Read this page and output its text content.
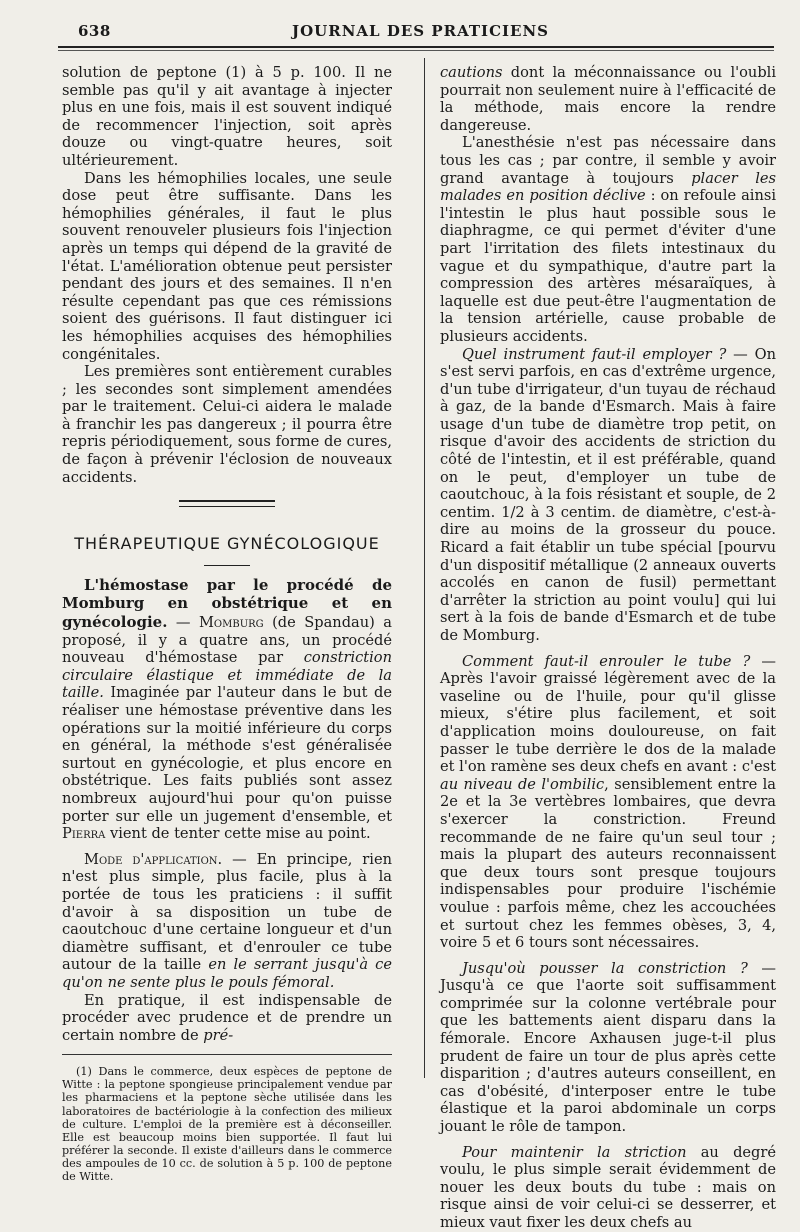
638	JOURNAL DES PRATICIENS

solution de peptone (1) à 5 p. 100. Il ne semble pas qu'il y ait avantage à injecter plus en une fois, mais il est souvent indiqué de recommencer l'injection, soit après douze ou vingt-quatre heures, soit ultérieurement.

Dans les hémophilies locales, une seule dose peut être suffisante. Dans les hémophilies générales, il faut le plus souvent renouveler plusieurs fois l'injection après un temps qui dépend de la gravité de l'état. L'amélioration obtenue peut persister pendant des jours et des semaines. Il n'en résulte cependant pas que ces rémissions soient des guérisons. Il faut distinguer ici les hémophilies acquises des hémophilies congénitales.

Les premières sont entièrement curables ; les secondes sont simplement amendées par le traitement. Celui-ci aidera le malade à franchir les pas dangereux ; il pourra être repris périodiquement, sous forme de cures, de façon à prévenir l'éclosion de nouveaux accidents.

THÉRAPEUTIQUE GYNÉCOLOGIQUE

L'hémostase par le procédé de Momburg en obstétrique et en gynécologie. — Momburg (de Spandau) a proposé, il y a quatre ans, un procédé nouveau d'hémostase par constriction circulaire élastique et immédiate de la taille. Imaginée par l'auteur dans le but de réaliser une hémostase préventive dans les opérations sur la moitié inférieure du corps en général, la méthode s'est généralisée surtout en gynécologie, et plus encore en obstétrique. Les faits publiés sont assez nombreux aujourd'hui pour qu'on puisse porter sur elle un jugement d'ensemble, et Pierra vient de tenter cette mise au point.

Mode d'application. — En principe, rien n'est plus simple, plus facile, plus à la portée de tous les praticiens : il suffit d'avoir à sa disposition un tube de caoutchouc d'une certaine longueur et d'un diamètre suffisant, et d'enrouler ce tube autour de la taille en le serrant jusqu'à ce qu'on ne sente plus le pouls fémoral.

En pratique, il est indispensable de procéder avec prudence et de prendre un certain nombre de pré-

(1) Dans le commerce, deux espèces de peptone de Witte : la peptone spongieuse principalement vendue par les pharmaciens et la peptone sèche utilisée dans les laboratoires de bactériologie à la confection des milieux de culture. L'emploi de la première est à déconseiller. Elle est beaucoup moins bien supportée. Il faut lui préférer la seconde. Il existe d'ailleurs dans le commerce des ampoules de 10 cc. de solution à 5 p. 100 de peptone de Witte.

cautions dont la méconnaissance ou l'oubli pourrait non seulement nuire à l'efficacité de la méthode, mais encore la rendre dangereuse.

L'anesthésie n'est pas nécessaire dans tous les cas ; par contre, il semble y avoir grand avantage à toujours placer les malades en position déclive : on refoule ainsi l'intestin le plus haut possible sous le diaphragme, ce qui permet d'éviter d'une part l'irritation des filets intestinaux du vague et du sympathique, d'autre part la compression des artères mésaraïques, à laquelle est due peut-être l'augmentation de la tension artérielle, cause probable de plusieurs accidents.

Quel instrument faut-il employer ? — On s'est servi parfois, en cas d'extrême urgence, d'un tube d'irrigateur, d'un tuyau de réchaud à gaz, de la bande d'Esmarch. Mais à faire usage d'un tube de diamètre trop petit, on risque d'avoir des accidents de striction du côté de l'intestin, et il est préférable, quand on le peut, d'employer un tube de caoutchouc, à la fois résistant et souple, de 2 centim. 1/2 à 3 centim. de diamètre, c'est-à-dire au moins de la grosseur du pouce. Ricard a fait établir un tube spécial [pourvu d'un dispositif métallique (2 anneaux ouverts accolés en canon de fusil) permettant d'arrêter la striction au point voulu] qui lui sert à la fois de bande d'Esmarch et de tube de Momburg.

Comment faut-il enrouler le tube ? — Après l'avoir graissé légèrement avec de la vaseline ou de l'huile, pour qu'il glisse mieux, s'étire plus facilement, et soit d'application moins douloureuse, on fait passer le tube derrière le dos de la malade et l'on ramène ses deux chefs en avant : c'est au niveau de l'ombilic, sensiblement entre la 2e et la 3e vertèbres lombaires, que devra s'exercer la constriction. Freund recommande de ne faire qu'un seul tour ; mais la plupart des auteurs reconnaissent que deux tours sont presque toujours indispensables pour produire l'ischémie voulue : parfois même, chez les accouchées et surtout chez les femmes obèses, 3, 4, voire 5 et 6 tours sont nécessaires.

Jusqu'où pousser la constriction ? — Jusqu'à ce que l'aorte soit suffisamment comprimée sur la colonne vertébrale pour que les battements aient disparu dans la fémorale. Encore Axhausen juge-t-il plus prudent de faire un tour de plus après cette disparition ; d'autres auteurs conseillent, en cas d'obésité, d'interposer entre le tube élastique et la paroi abdominale un corps jouant le rôle de tampon.

Pour maintenir la striction au degré voulu, le plus simple serait évidemment de nouer les deux bouts du tube : mais on risque ainsi de voir celui-ci se desserrer, et mieux vaut fixer les deux chefs au
